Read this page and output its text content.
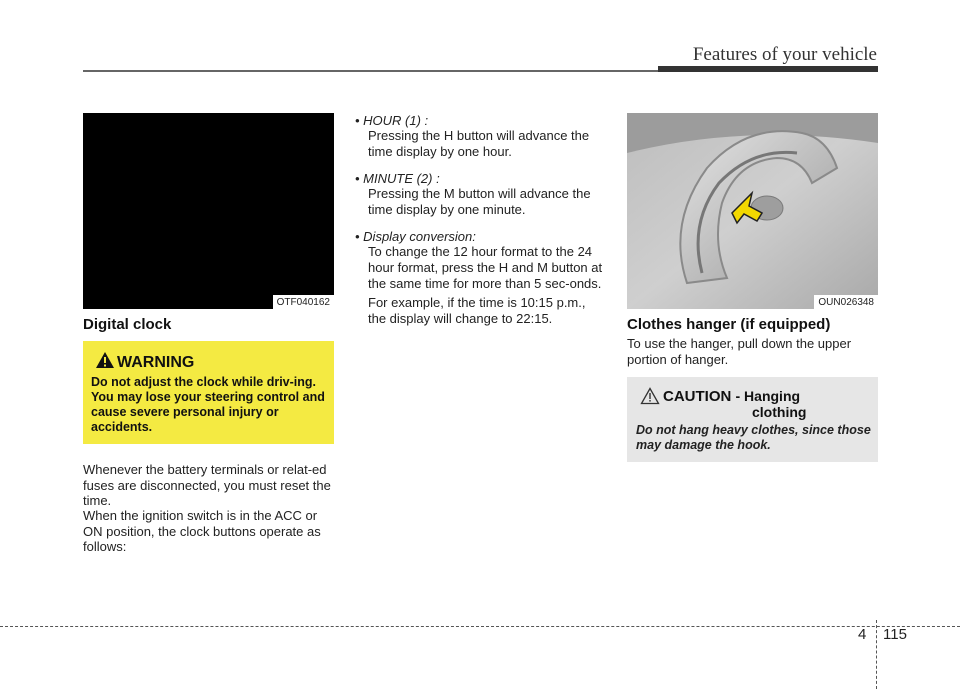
Features of your vehicle
OTF040162
Digital clock
WARNING
Do not adjust the clock while driv-ing. You may lose your steering control and cause severe personal injury or accidents.
Whenever the battery terminals or relat-ed fuses are disconnected, you must reset the time.
When the ignition switch is in the ACC or ON position, the clock buttons operate as follows:
• HOUR (1) :
Pressing the H button will advance the time display by one hour.
• MINUTE (2) :
Pressing the M button will advance the time display by one minute.
• Display conversion:
To change the 12 hour format to the 24 hour format, press the H and M button at the same time for more than 5 sec-onds.
For example, if the time is 10:15 p.m., the display will change to 22:15.
OUN026348
Clothes hanger (if equipped)
To use the hanger, pull down the upper portion of hanger.
CAUTION - Hanging
clothing
Do not hang heavy clothes, since those may damage the hook.
4 115
